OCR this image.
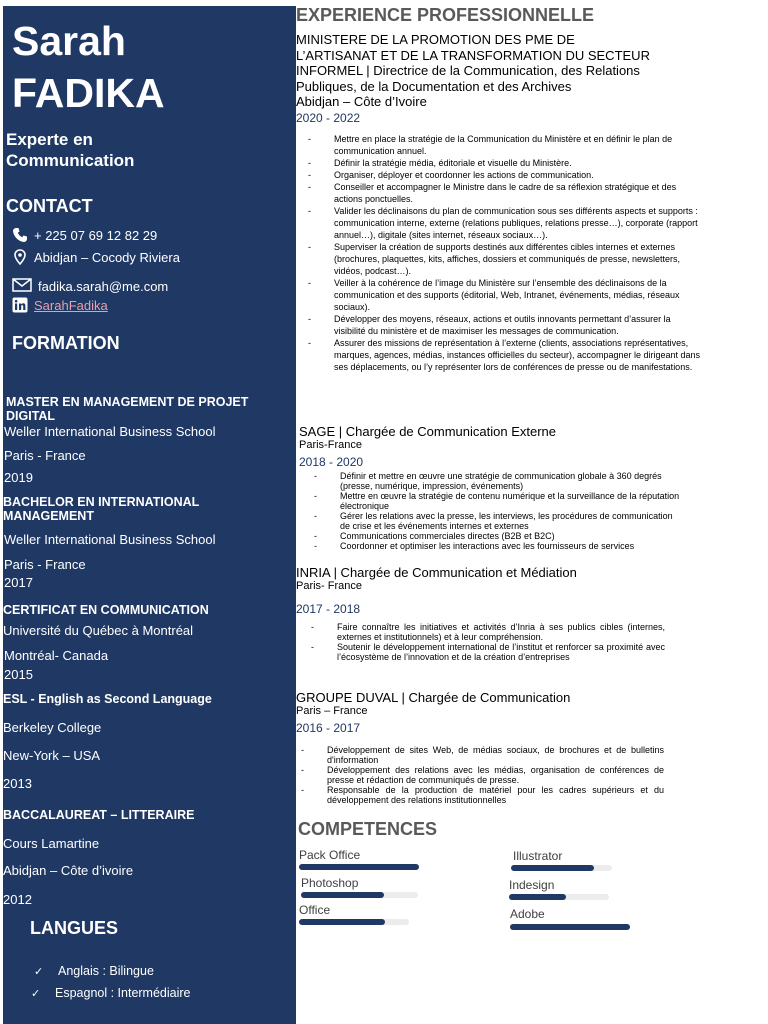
Sarah
FADIKA
Experte en
Communication
CONTACT
+ 225 07 69 12 82 29
Abidjan – Cocody Riviera
fadika.sarah@me.com
SarahFadika
FORMATION
MASTER EN MANAGEMENT DE PROJET DIGITAL
Weller International Business School
Paris - France
2019
BACHELOR EN INTERNATIONAL MANAGEMENT
Weller International Business School
Paris - France
2017
CERTIFICAT EN COMMUNICATION
Université du Québec à Montréal
Montréal- Canada
2015
ESL - English as Second Language
Berkeley College
New-York – USA
2013
BACCALAUREAT – LITTERAIRE
Cours Lamartine
Abidjan – Côte d’ivoire
2012
LANGUES
✓	Anglais : Bilingue
✓	Espagnol : Intermédiaire
EXPERIENCE PROFESSIONNELLE
MINISTERE DE LA PROMOTION DES PME DE
L’ARTISANAT ET DE LA TRANSFORMATION DU SECTEUR
INFORMEL | Directrice de la Communication, des Relations
Publiques, de la Documentation et des Archives
Abidjan – Côte d’Ivoire
2020 - 2022
-	Mettre en place la stratégie de la Communication du Ministère et en définir le plan de communication annuel.
-	Définir la stratégie média, éditoriale et visuelle du Ministère.
-	Organiser, déployer et coordonner les actions de communication.
-	Conseiller et accompagner le Ministre dans le cadre de sa réflexion stratégique et des actions ponctuelles.
-	Valider les déclinaisons du plan de communication sous ses différents aspects et supports : communication interne, externe (relations publiques, relations presse…), corporate (rapport annuel…), digitale (sites internet, réseaux sociaux…).
-	Superviser la création de supports destinés aux différentes cibles internes et externes (brochures, plaquettes, kits, affiches, dossiers et communiqués de presse, newsletters, vidéos, podcast…).
-	Veiller à la cohérence de l’image du Ministère sur l’ensemble des déclinaisons de la communication et des supports (éditorial, Web, Intranet, événements, médias, réseaux sociaux).
-	Développer des moyens, réseaux, actions et outils innovants permettant d’assurer la visibilité du ministère et de maximiser les messages de communication.
-	Assurer des missions de représentation à l’externe (clients, associations représentatives, marques, agences, médias, instances officielles du secteur), accompagner le dirigeant dans ses déplacements, ou l’y représenter lors de conférences de presse ou de manifestations.
SAGE | Chargée de Communication Externe
Paris-France
2018 - 2020
-	Définir et mettre en œuvre une stratégie de communication globale à 360 degrés (presse, numérique, impression, événements)
-	Mettre en œuvre la stratégie de contenu numérique et la surveillance de la réputation électronique
-	Gérer les relations avec la presse, les interviews, les procédures de communication de crise et les événements internes et externes
-	Communications commerciales directes (B2B et B2C)
-	Coordonner et optimiser les interactions avec les fournisseurs de services
INRIA | Chargée de Communication et Médiation
Paris- France
2017 - 2018
-	Faire connaître les initiatives et activités d’Inria à ses publics cibles (internes, externes et institutionnels) et à leur compréhension.
-	Soutenir le développement international de l’institut et renforcer sa proximité avec l’écosystème de l’innovation et de la création d’entreprises
GROUPE DUVAL | Chargée de Communication
Paris – France
2016 - 2017
-	Développement de sites Web, de médias sociaux, de brochures et de bulletins d'information
-	Développement des relations avec les médias, organisation de conférences de presse et rédaction de communiqués de presse.
-	Responsable de la production de matériel pour les cadres supérieurs et du développement des relations institutionnelles
COMPETENCES
Pack Office
Photoshop
Office
Illustrator
Indesign
Adobe
